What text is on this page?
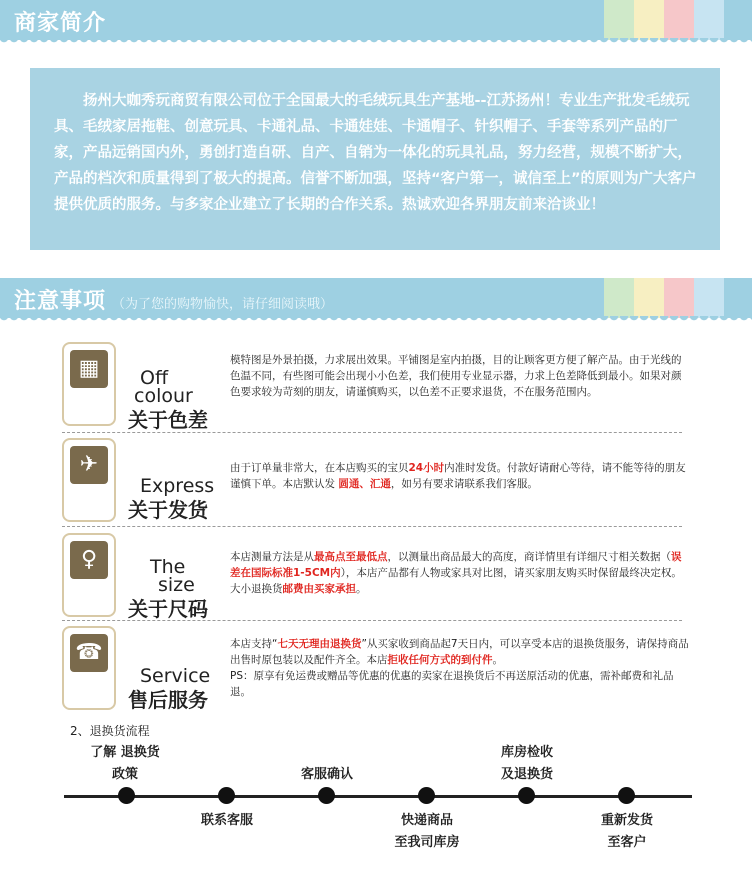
商家简介

扬州大咖秀玩商贸有限公司位于全国最大的毛绒玩具生产基地--江苏扬州！专业生产批发毛绒玩具、毛绒家居拖鞋、创意玩具、卡通礼品、卡通娃娃、卡通帽子、针织帽子、手套等系列产品的厂家，产品远销国内外，勇创打造自研、自产、自销为一体化的玩具礼品，努力经营，规模不断扩大，产品的档次和质量得到了极大的提高。信誉不断加强，坚持“客户第一，诚信至上”的原则为广大客户提供优质的服务。与多家企业建立了长期的合作关系。热诚欢迎各界朋友前来洽谈业！

注意事项 （为了您的购物愉快，请仔细阅读哦）
▦	Off
colour
关于色差
模特图是外景拍摄，力求展出效果。平铺图是室内拍摄，目的让顾客更方便了解产品。由于光线的色温不同，有些图可能会出现小小色差，我们使用专业显示器，力求上色差降低到最小。如果对颜色要求较为苛刻的朋友，请谨慎购买，以色差不正要求退货，不在服务范围内。
✈
Express
关于发货
由于订单量非常大，在本店购买的宝贝24小时内准时发货。付款好请耐心等待，请不能等待的朋友谨慎下单。本店默认发 圆通、汇通，如另有要求请联系我们客服。
♀	The
size
关于尺码
本店测量方法是从最高点至最低点，以测量出商品最大的高度，商详情里有详细尺寸相关数据（误差在国际标准1-5CM内），本店产品都有人物或家具对比图，请买家朋友购买时保留最终决定权。大小退换货邮费由买家承担。
☎
Service
售后服务
本店支持“七天无理由退换货”从买家收到商品起7天日内，可以享受本店的退换货服务，请保持商品出售时原包装以及配件齐全。本店拒收任何方式的到付件。
PS：原享有免运费或赠品等优惠的优惠的卖家在退换货后不再送原活动的优惠，需补邮费和礼品退。
2、退换货流程
了解 退换货
政策	客服确认
库房检收
及退换货
联系客服	快递商品
至我司库房
重新发货
至客户
